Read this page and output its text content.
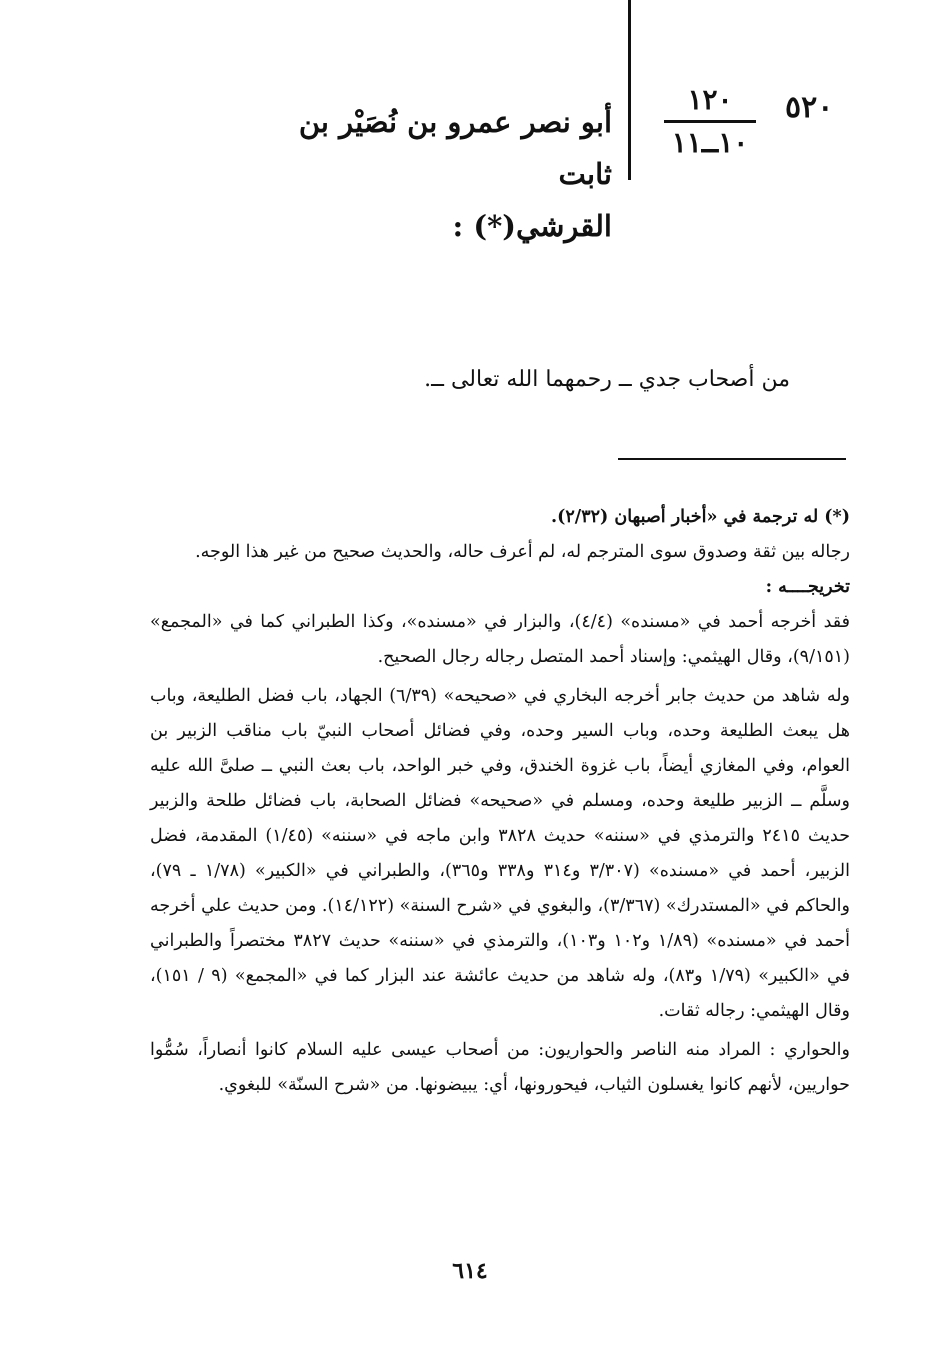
٥٢٠
١٢٠
١٠ــ١١
أبو نصر عمرو بن نُصَيْر بن ثابت
القرشي(*) :
من أصحاب جدي ــ رحمهما الله تعالى ــ.

(*) له ترجمة في «أخبار أصبهان (٢/٣٢).

رجاله بين ثقة وصدوق سوى المترجم له، لم أعرف حاله، والحديث صحيح من غير هذا الوجه.

تخريجــــه :

فقد أخرجه أحمد في «مسنده» (٤/٤)، والبزار في «مسنده»، وكذا الطبراني كما في «المجمع» (٩/١٥١)، وقال الهيثمي: وإسناد أحمد المتصل رجاله رجال الصحيح.

وله شاهد من حديث جابر أخرجه البخاري في «صحيحه» (٦/٣٩) الجهاد، باب فضل الطليعة، وباب هل يبعث الطليعة وحده، وباب السير وحده، وفي فضائل أصحاب النبيّ باب مناقب الزبير بن العوام، وفي المغازي أيضاً، باب غزوة الخندق، وفي خبر الواحد، باب بعث النبي ــ صلىَّ الله عليه وسلَّم ــ الزبير طليعة وحده، ومسلم في «صحيحه» فضائل الصحابة، باب فضائل طلحة والزبير حديث ٢٤١٥ والترمذي في «سننه» حديث ٣٨٢٨ وابن ماجه في «سننه» (١/٤٥) المقدمة، فضل الزبير، أحمد في «مسنده» (٣/٣٠٧ و٣١٤ و٣٣٨ و٣٦٥)، والطبراني في «الكبير» (١/٧٨ ـ ٧٩)، والحاكم في «المستدرك» (٣/٣٦٧)، والبغوي في «شرح السنة» (١٤/١٢٢). ومن حديث علي أخرجه أحمد في «مسنده» (١/٨٩ و١٠٢ و١٠٣)، والترمذي في «سننه» حديث ٣٨٢٧ مختصراً والطبراني في «الكبير» (١/٧٩ و٨٣)، وله شاهد من حديث عائشة عند البزار كما في «المجمع» (٩ / ١٥١)، وقال الهيثمي: رجاله ثقات.

والحواري : المراد منه الناصر والحواريون: من أصحاب عيسى عليه السلام كانوا أنصاراً، سُمُّوا حواريين، لأنهم كانوا يغسلون الثياب، فيحورونها، أي: يبيضونها. من «شرح السنّة» للبغوي.

٦١٤
